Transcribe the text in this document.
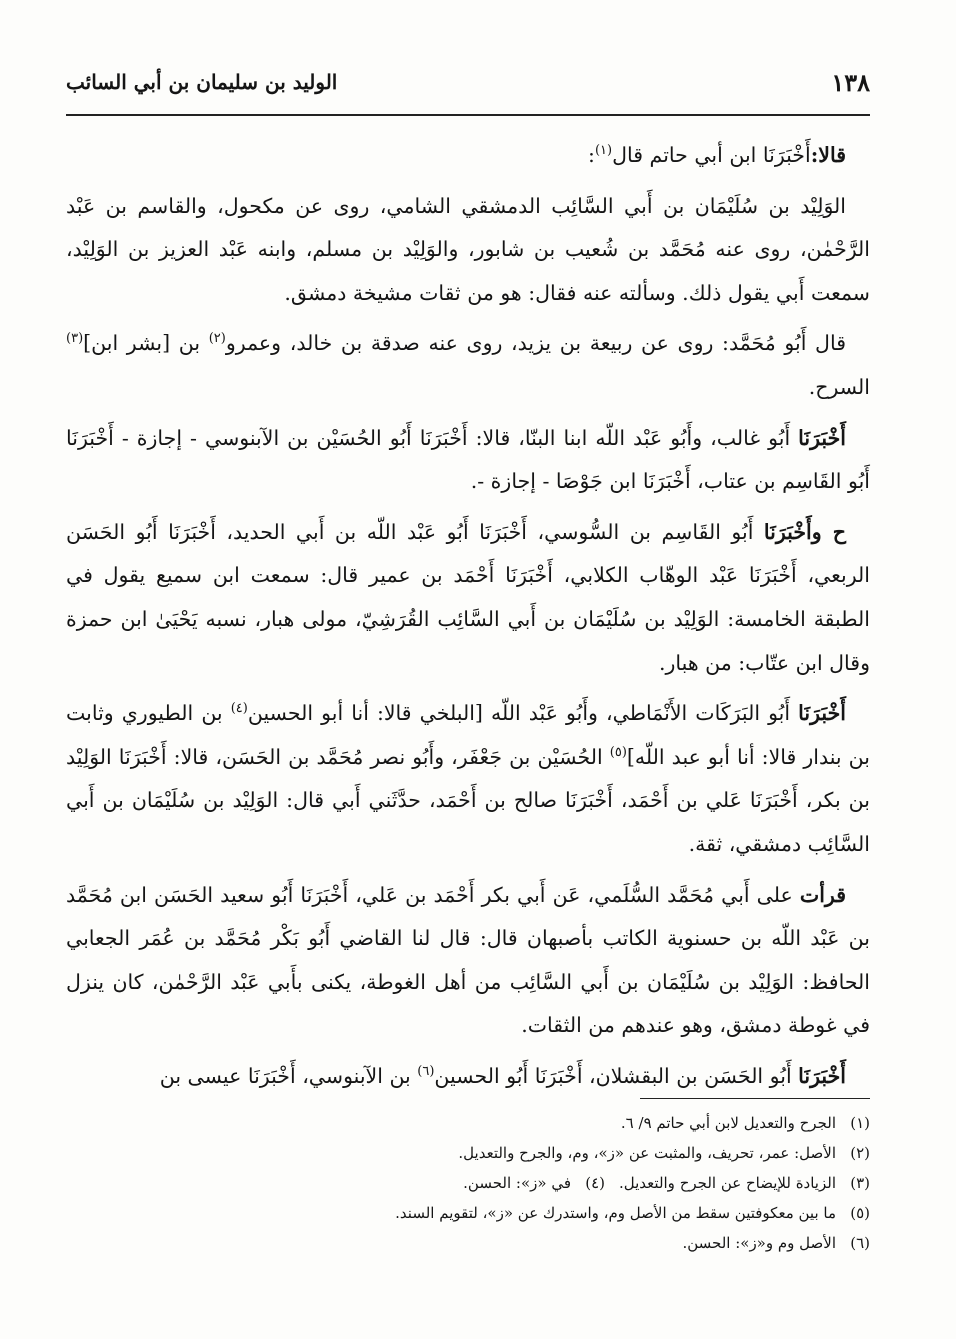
١٣٨
الوليد بن سليمان بن أبي السائب

قالا:أَخْبَرَنَا ابن أبي حاتم قال$^{(١)}$:

الوَلِيْد بن سُلَيْمَان بن أَبي السَّائِب الدمشقي الشامي، روى عن مكحول، والقاسم بن عَبْد الرَّحْمٰن، روى عنه مُحَمَّد بن شُعيب بن شابور، والوَلِيْد بن مسلم، وابنه عَبْد العزيز بن الوَلِيْد، سمعت أَبي يقول ذلك. وسألته عنه فقال: هو من ثقات مشيخة دمشق.

قال أَبُو مُحَمَّد: روى عن ربيعة بن يزيد، روى عنه صدقة بن خالد، وعمرو$^{(٢)}$ بن [بشر ابن]$^{(٣)}$ السرح.

أَخْبَرَنَا أَبُو غالب، وأَبُو عَبْد اللّه ابنا البنّا، قالا: أَخْبَرَنَا أَبُو الحُسَيْن بن الآبنوسي - إجازة - أَخْبَرَنَا أَبُو القَاسِم بن عتاب، أَخْبَرَنَا ابن جَوْصَا - إجازة -.

ح وأَخْبَرَنَا أَبُو القَاسِم بن السُّوسي، أَخْبَرَنَا أَبُو عَبْد اللّه بن أَبي الحديد، أَخْبَرَنَا أَبُو الحَسَن الربعي، أَخْبَرَنَا عَبْد الوهّاب الكلابي، أَخْبَرَنَا أَحْمَد بن عمير قال: سمعت ابن سميع يقول في الطبقة الخامسة: الوَلِيْد بن سُلَيْمَان بن أَبي السَّائِب القُرَشِيّ، مولى هبار، نسبه يَحْيَىٰ ابن حمزة وقال ابن عتّاب: من هبار.

أَخْبَرَنَا أَبُو البَرَكَات الأَنْمَاطي، وأَبُو عَبْد اللّه [البلخي قالا: أنا أبو الحسين$^{(٤)}$ بن الطيوري وثابت بن بندار قالا: أنا أبو عبد اللّه]$^{(٥)}$ الحُسَيْن بن جَعْفَر، وأَبُو نصر مُحَمَّد بن الحَسَن، قالا: أَخْبَرَنَا الوَلِيْد بن بكر، أَخْبَرَنَا عَلي بن أَحْمَد، أَخْبَرَنَا صالح بن أَحْمَد، حدَّثَني أَبي قال: الوَلِيْد بن سُلَيْمَان بن أَبي السَّائِب دمشقي، ثقة.

قرأت على أَبي مُحَمَّد السُّلَمي، عَن أَبي بكر أَحْمَد بن عَلي، أَخْبَرَنَا أَبُو سعيد الحَسَن ابن مُحَمَّد بن عَبْد اللّه بن حسنوية الكاتب بأصبهان قال: قال لنا القاضي أَبُو بَكْر مُحَمَّد بن عُمَر الجعابي الحافظ: الوَلِيْد بن سُلَيْمَان بن أَبي السَّائِب من أهل الغوطة، يكنى بأَبي عَبْد الرَّحْمٰن، كان ينزل في غوطة دمشق، وهو عندهم من الثقات.

أَخْبَرَنَا أَبُو الحَسَن بن البقشلان، أَخْبَرَنَا أَبُو الحسين$^{(٦)}$ بن الآبنوسي، أَخْبَرَنَا عيسى بن

(١)الجرح والتعديل لابن أبي حاتم ٩/ ٦.

(٢)الأصل: عمر، تحريف، والمثبت عن «ز»، وم، والجرح والتعديل.

(٣)الزيادة للإيضاح عن الجرح والتعديل.(٤)في «ز»: الحسن.

(٥)ما بين معكوفتين سقط من الأصل وم، واستدرك عن «ز»، لتقويم السند.

(٦)الأصل وم و«ز»: الحسن.
